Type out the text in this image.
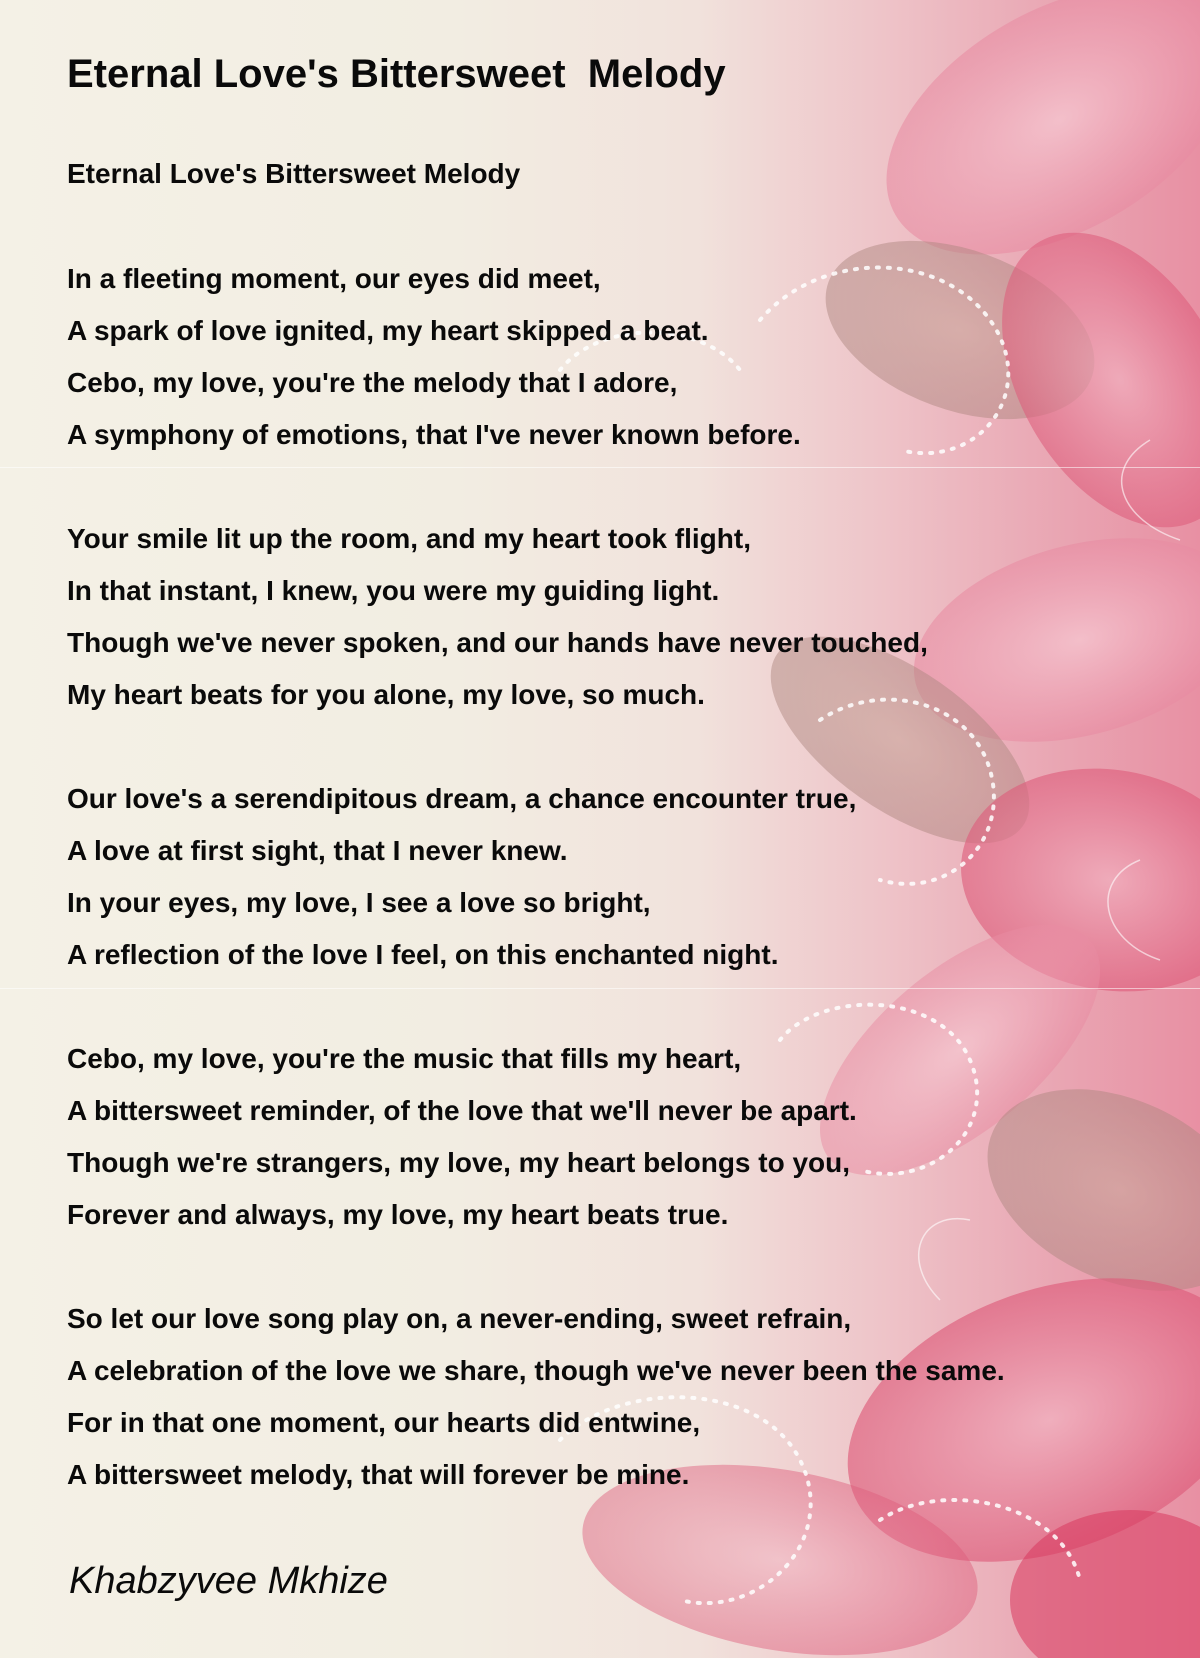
Eternal Love's Bittersweet  Melody

Eternal Love's Bittersweet Melody

In a fleeting moment, our eyes did meet,
A spark of love ignited, my heart skipped a beat.
Cebo, my love, you're the melody that I adore,
A symphony of emotions, that I've never known before.
Your smile lit up the room, and my heart took flight,
In that instant, I knew, you were my guiding light.
Though we've never spoken, and our hands have never touched,
My heart beats for you alone, my love, so much.
Our love's a serendipitous dream, a chance encounter true,
A love at first sight, that I never knew.
In your eyes, my love, I see a love so bright,
A reflection of the love I feel, on this enchanted night.
Cebo, my love, you're the music that fills my heart,
A bittersweet reminder, of the love that we'll never be apart.
Though we're strangers, my love, my heart belongs to you,
Forever and always, my love, my heart beats true.
So let our love song play on, a never-ending, sweet refrain,
A celebration of the love we share, though we've never been the same.
For in that one moment, our hearts did entwine,
A bittersweet melody, that will forever be mine.

Khabzyvee Mkhize
